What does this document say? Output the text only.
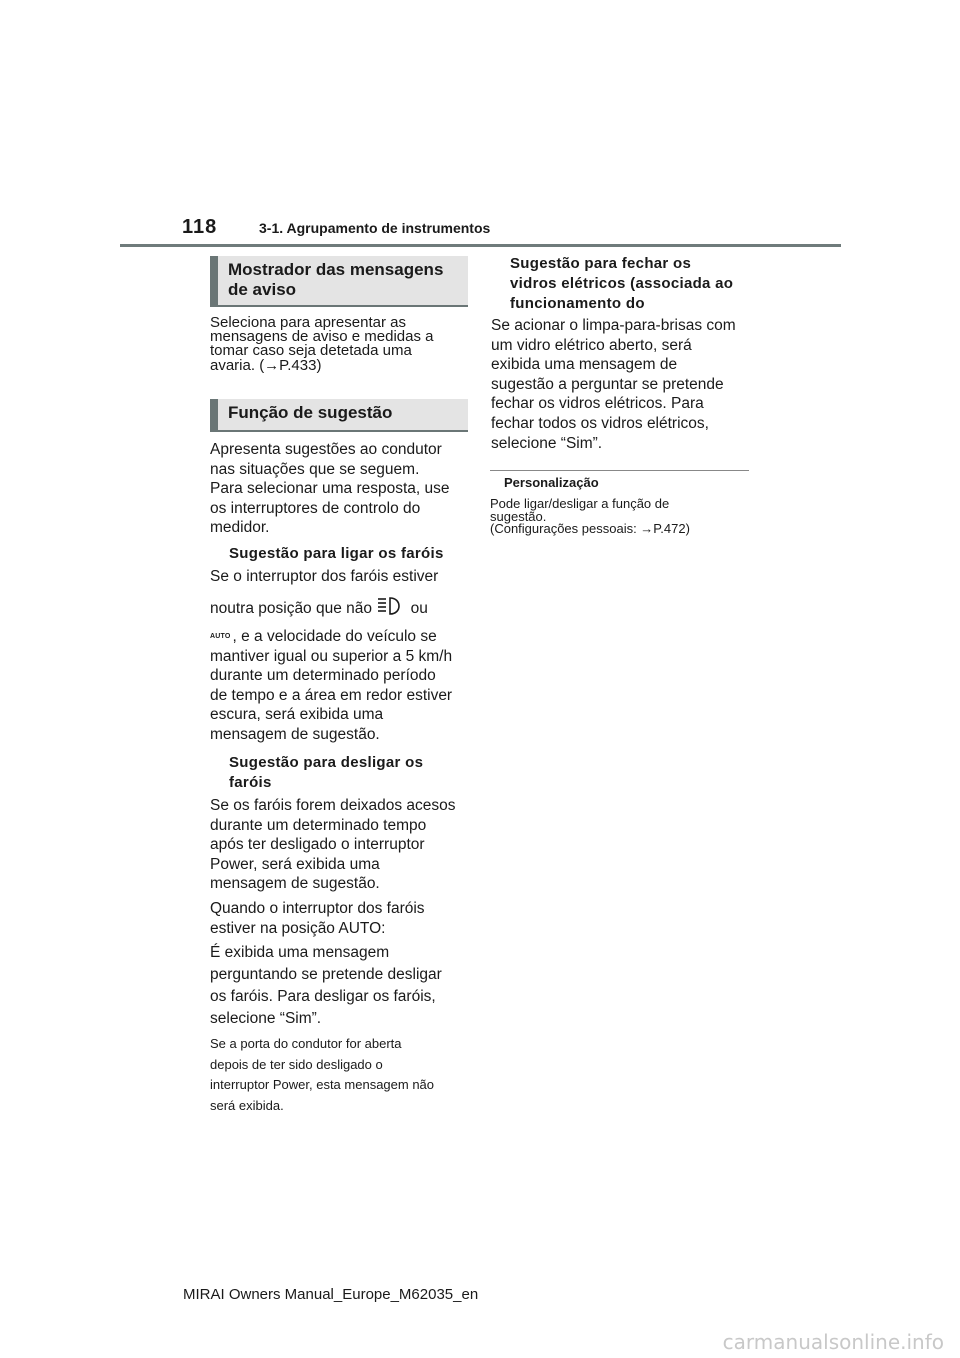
118	3-1. Agrupamento de instrumentos
Mostrador das mensagens
de aviso
Seleciona para apresentar as
mensagens de aviso e medidas a
tomar caso seja detetada uma
avaria. (→P.433)
Função de sugestão
Apresenta sugestões ao condutor
nas situações que se seguem.
Para selecionar uma resposta, use
os interruptores de controlo do
medidor.
Sugestão para ligar os faróis
Se o interruptor dos faróis estiver
noutra posição que não ou
AUTO , e a velocidade do veículo se
mantiver igual ou superior a 5 km/h
durante um determinado período
de tempo e a área em redor estiver
escura, será exibida uma
mensagem de sugestão.
Sugestão para desligar os
faróis
Se os faróis forem deixados acesos
durante um determinado tempo
após ter desligado o interruptor
Power, será exibida uma
mensagem de sugestão.
Quando o interruptor dos faróis
estiver na posição AUTO:
É exibida uma mensagem
perguntando se pretende desligar
os faróis. Para desligar os faróis,
selecione “Sim”.
Se a porta do condutor for aberta
depois de ter sido desligado o
interruptor Power, esta mensagem não
será exibida.
Sugestão para fechar os
vidros elétricos (associada ao
funcionamento do
Se acionar o limpa-para-brisas com
um vidro elétrico aberto, será
exibida uma mensagem de
sugestão a perguntar se pretende
fechar os vidros elétricos. Para
fechar todos os vidros elétricos,
selecione “Sim”.
Personalização
Pode ligar/desligar a função de
sugestão.
(Configurações pessoais: →P.472)
MIRAI Owners Manual_Europe_M62035_en
carmanualsonline.info
